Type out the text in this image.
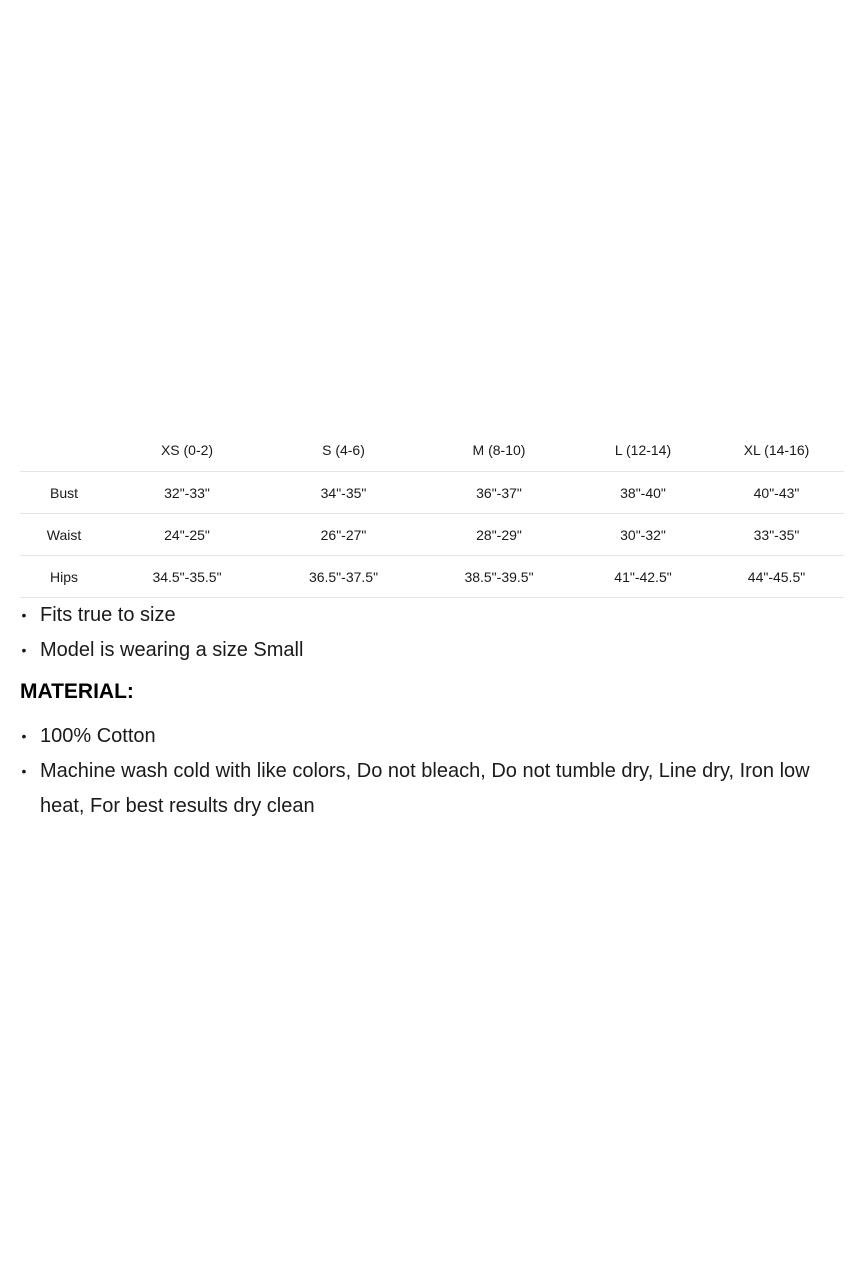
	XS (0-2)	S (4-6)	M (8-10)	L (12-14)	XL (14-16)
Bust	32"-33"	34"-35"	36"-37"	38"-40"	40"-43"
Waist	24"-25"	26"-27"	28"-29"	30"-32"	33"-35"
Hips	34.5"-35.5"	36.5"-37.5"	38.5"-39.5"	41"-42.5"	44"-45.5"
• Fits true to size
• Model is wearing a size Small
MATERIAL:
• 100% Cotton
• Machine wash cold with like colors, Do not bleach, Do not tumble dry, Line dry, Iron low heat, For best results dry clean
